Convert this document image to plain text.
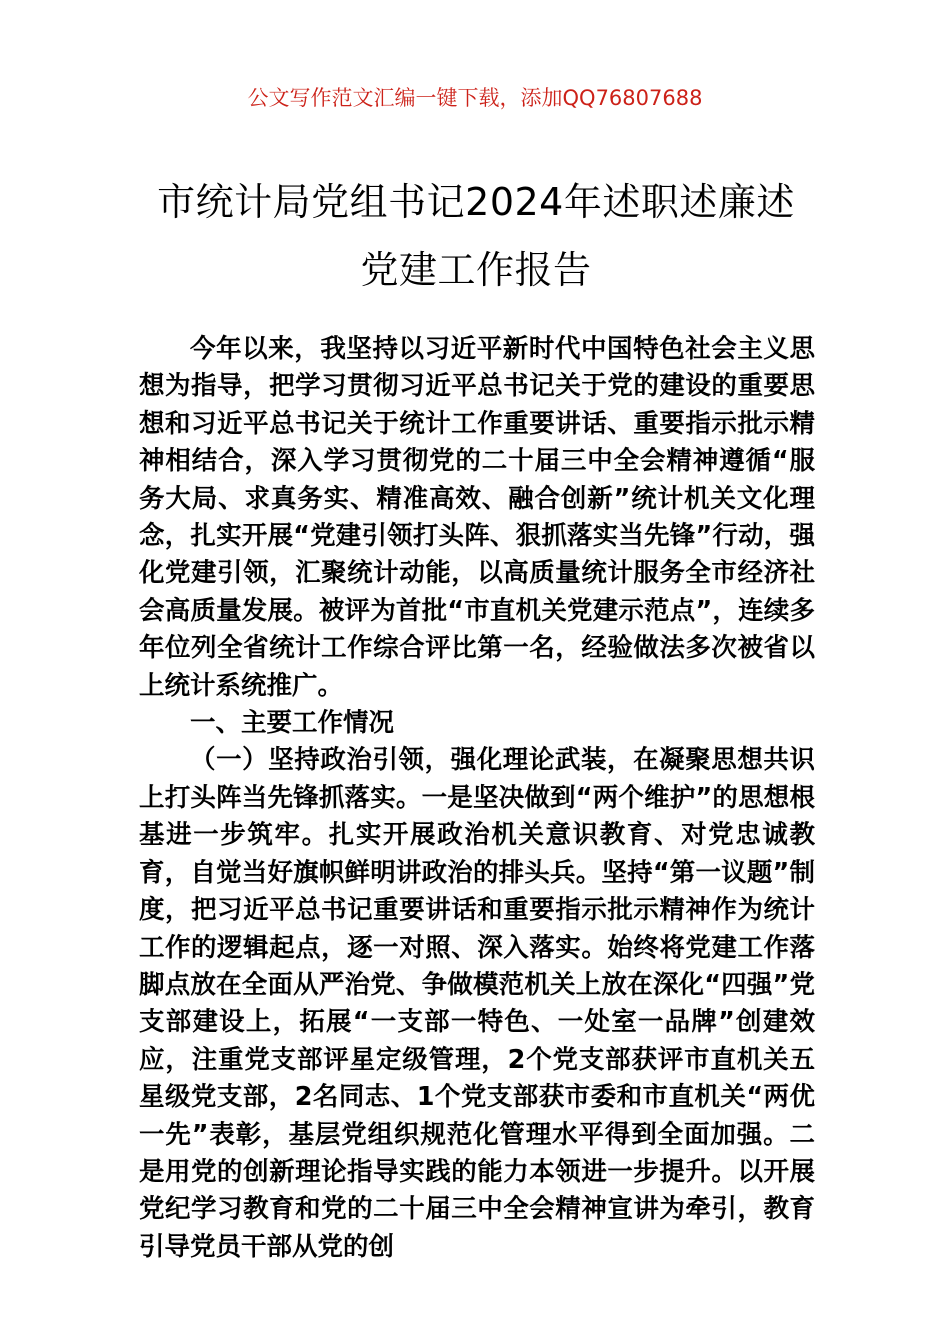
公文写作范文汇编一键下载，添加QQ76807688
市统计局党组书记2024年述职述廉述党建工作报告

今年以来，我坚持以习近平新时代中国特色社会主义思想为指导，把学习贯彻习近平总书记关于党的建设的重要思想和习近平总书记关于统计工作重要讲话、重要指示批示精神相结合，深入学习贯彻党的二十届三中全会精神遵循“服务大局、求真务实、精准高效、融合创新”统计机关文化理念，扎实开展“党建引领打头阵、狠抓落实当先锋”行动，强化党建引领，汇聚统计动能，以高质量统计服务全市经济社会高质量发展。被评为首批“市直机关党建示范点”，连续多年位列全省统计工作综合评比第一名，经验做法多次被省以上统计系统推广。

一、主要工作情况

（一）坚持政治引领，强化理论武装，在凝聚思想共识上打头阵当先锋抓落实。一是坚决做到“两个维护”的思想根基进一步筑牢。扎实开展政治机关意识教育、对党忠诚教育，自觉当好旗帜鲜明讲政治的排头兵。坚持“第一议题”制度，把习近平总书记重要讲话和重要指示批示精神作为统计工作的逻辑起点，逐一对照、深入落实。始终将党建工作落脚点放在全面从严治党、争做模范机关上放在深化“四强”党支部建设上，拓展“一支部一特色、一处室一品牌”创建效应，注重党支部评星定级管理，2个党支部获评市直机关五星级党支部，2名同志、1个党支部获市委和市直机关“两优一先”表彰，基层党组织规范化管理水平得到全面加强。二是用党的创新理论指导实践的能力本领进一步提升。以开展党纪学习教育和党的二十届三中全会精神宣讲为牵引，教育引导党员干部从党的创
